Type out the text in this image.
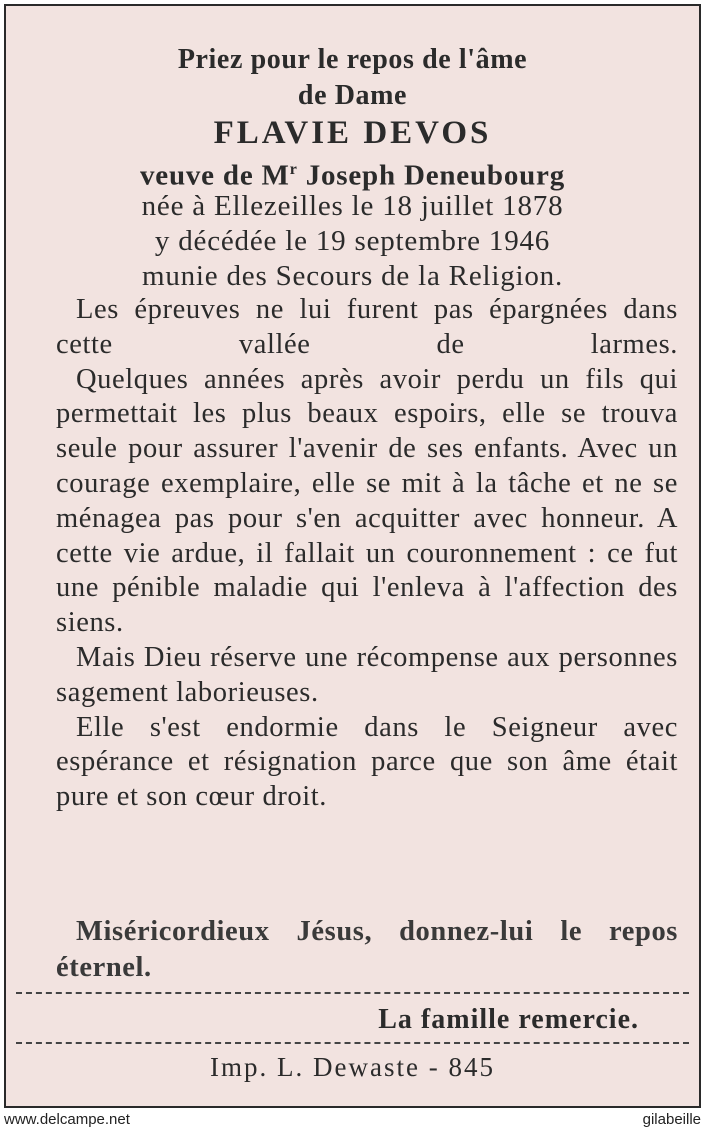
Priez pour le repos de l'âme
de Dame
FLAVIE DEVOS
veuve de $M^r$ Joseph Deneubourg
née à Ellezeilles le 18 juillet 1878
y décédée le 19 septembre 1946
munie des Secours de la Religion.

Les épreuves ne lui furent pas épargnées dans cette vallée de larmes.

Quelques années après avoir perdu un fils qui permettait les plus beaux espoirs, elle se trouva seule pour assurer l'avenir de ses enfants. Avec un courage exemplaire, elle se mit à la tâche et ne se ménagea pas pour s'en acquitter avec honneur. A cette vie ardue, il fallait un couronnement : ce fut une pénible maladie qui l'enleva à l'affection des siens.

Mais Dieu réserve une récompense aux personnes sagement laborieuses.

Elle s'est endormie dans le Seigneur avec espérance et résignation parce que son âme était pure et son cœur droit.

Miséricordieux Jésus, donnez-lui le repos éternel.
La famille remercie.
Imp. L. Dewaste - 845
www.delcampe.net	gilabeille
